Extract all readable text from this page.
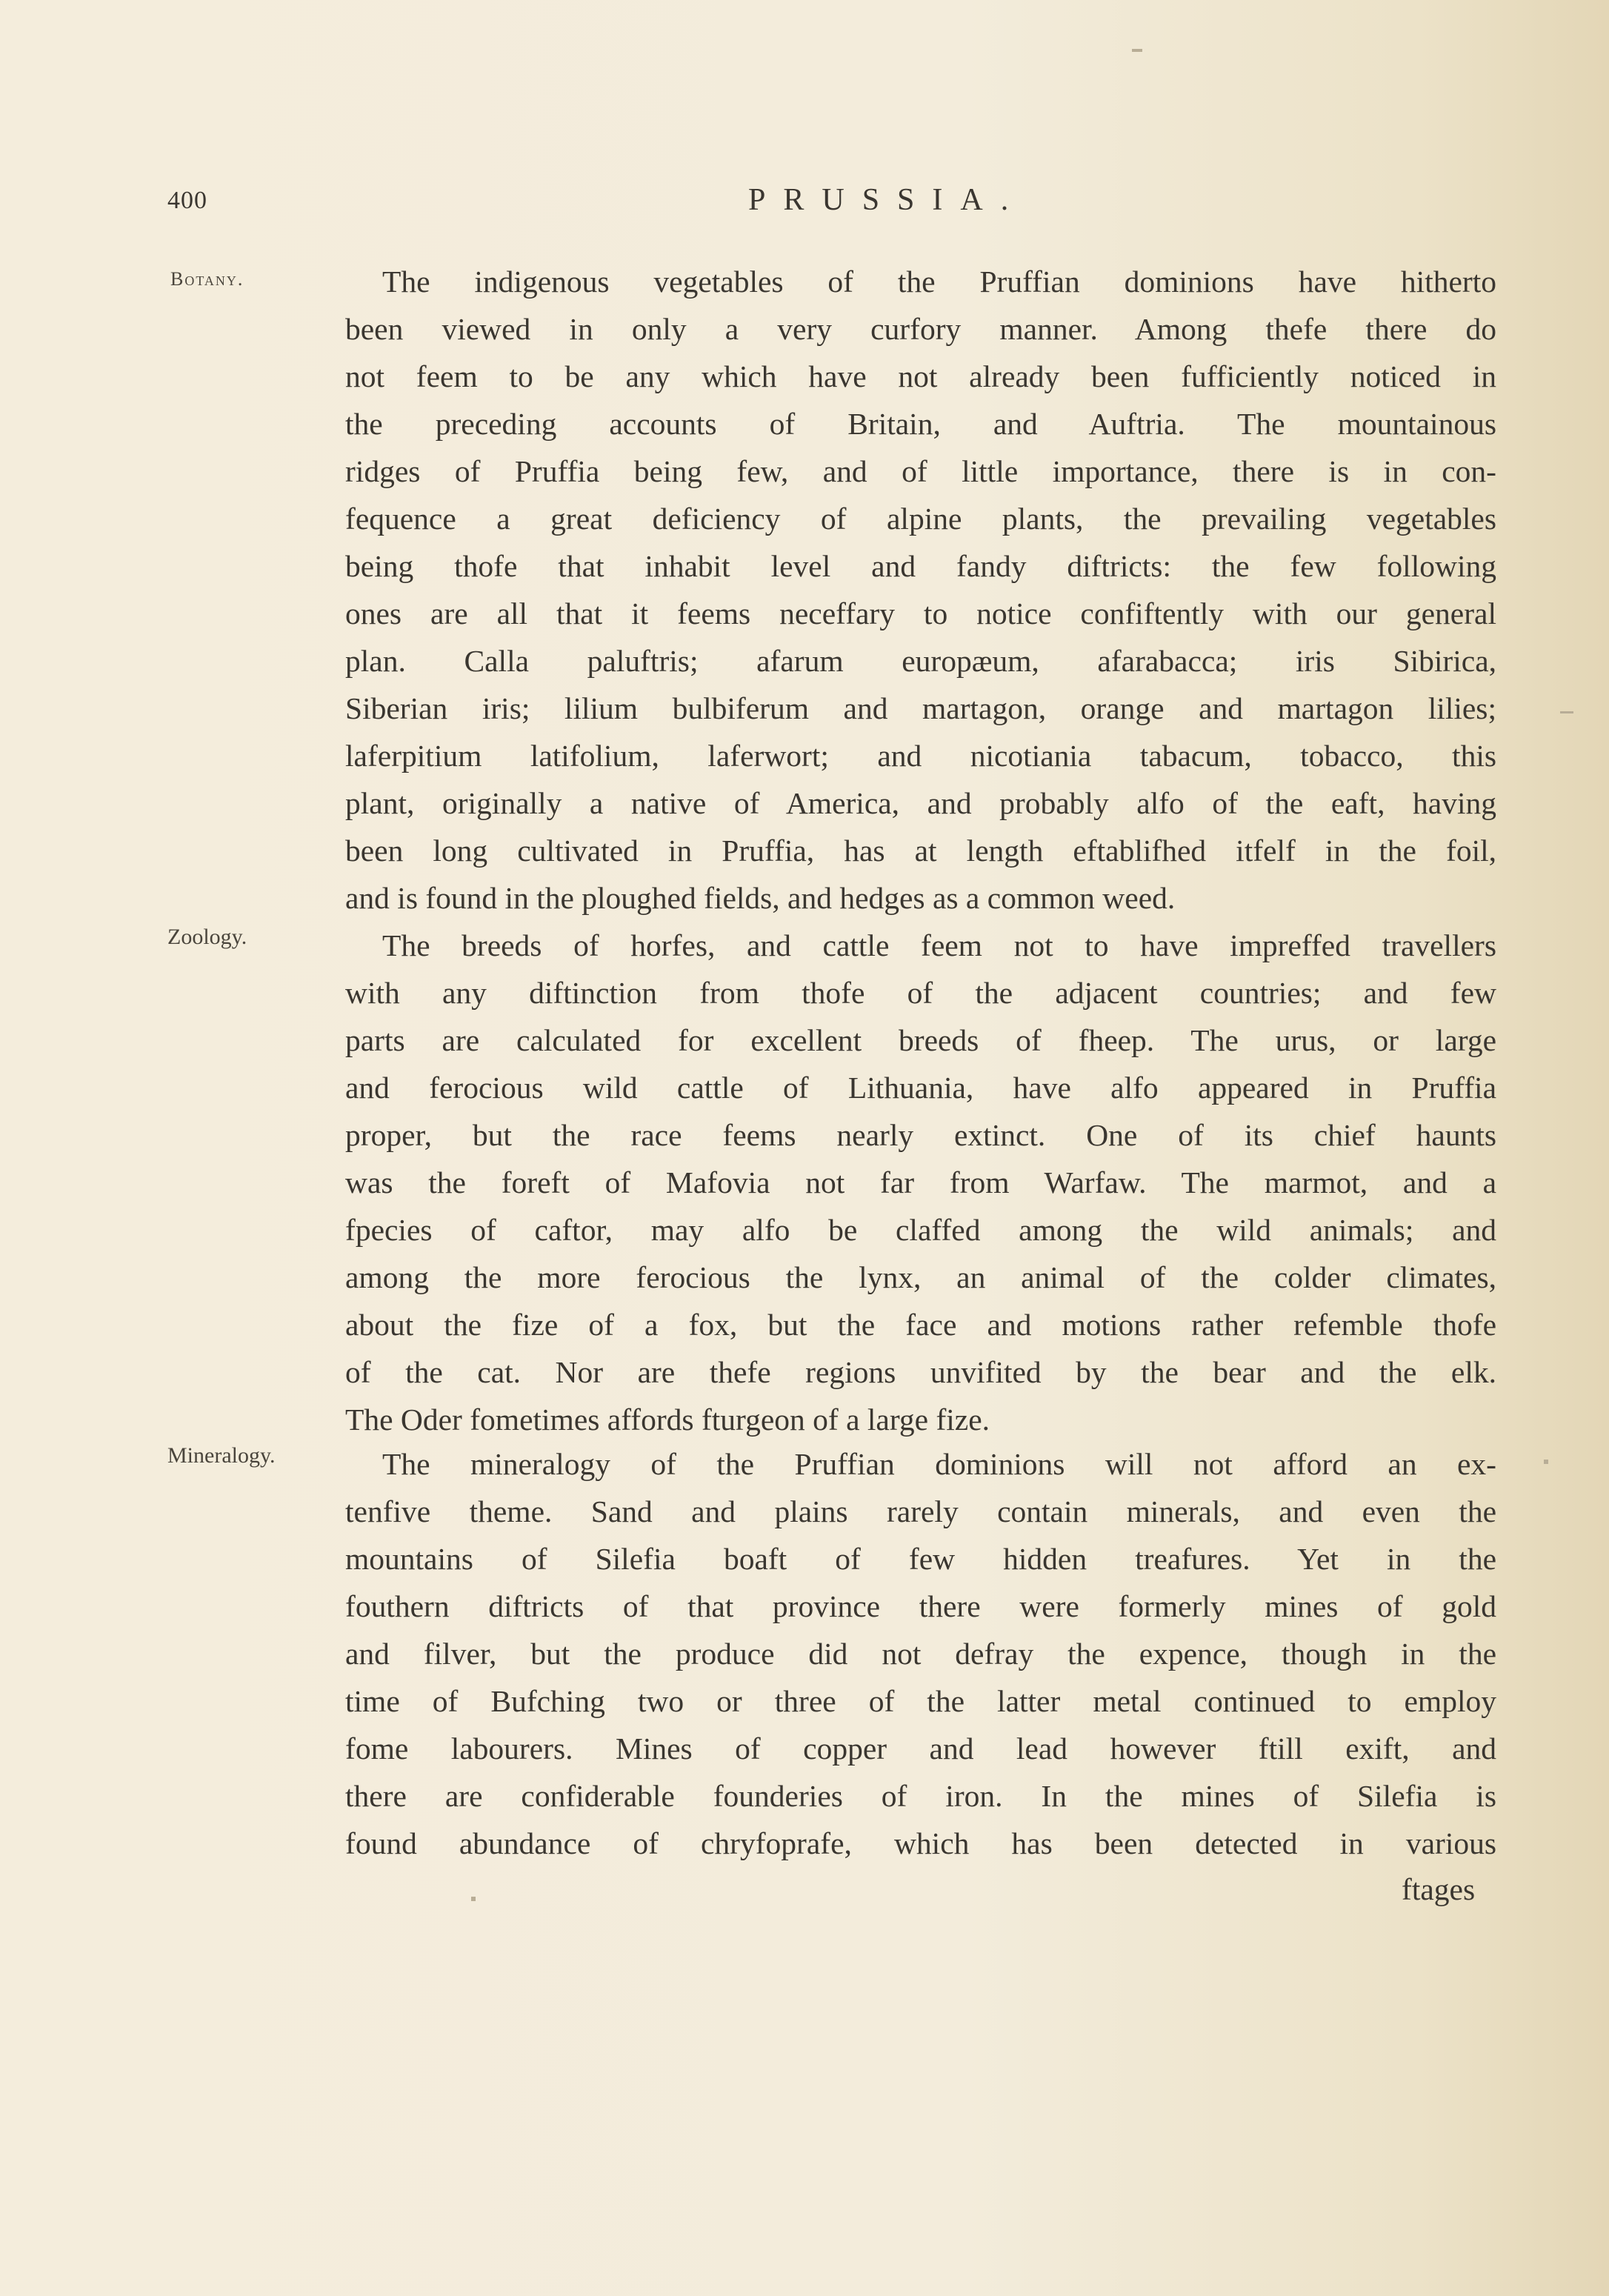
400	PRUSSIA.
Botany.
Zoology.
Mineralogy.

The indigenous vegetables of the Pruffian dominions have hitherto

been viewed in only a very curfory manner. Among thefe there do

not feem to be any which have not already been fufficiently noticed in

the preceding accounts of Britain, and Auftria. The mountainous

ridges of Pruffia being few, and of little importance, there is in con-

fequence a great deficiency of alpine plants, the prevailing vegetables

being thofe that inhabit level and fandy diftricts: the few following

ones are all that it feems neceffary to notice confiftently with our general

plan. Calla paluftris; afarum europæum, afarabacca; iris Sibirica,

Siberian iris; lilium bulbiferum and martagon, orange and martagon lilies;

laferpitium latifolium, laferwort; and nicotiania tabacum, tobacco, this

plant, originally a native of America, and probably alfo of the eaft, having

been long cultivated in Pruffia, has at length eftablifhed itfelf in the foil,

and is found in the ploughed fields, and hedges as a common weed.

The breeds of horfes, and cattle feem not to have impreffed travellers

with any diftinction from thofe of the adjacent countries; and few

parts are calculated for excellent breeds of fheep. The urus, or large

and ferocious wild cattle of Lithuania, have alfo appeared in Pruffia

proper, but the race feems nearly extinct. One of its chief haunts

was the foreft of Mafovia not far from Warfaw. The marmot, and a

fpecies of caftor, may alfo be claffed among the wild animals; and

among the more ferocious the lynx, an animal of the colder climates,

about the fize of a fox, but the face and motions rather refemble thofe

of the cat. Nor are thefe regions unvifited by the bear and the elk.

The Oder fometimes affords fturgeon of a large fize.

The mineralogy of the Pruffian dominions will not afford an ex-

tenfive theme. Sand and plains rarely contain minerals, and even the

mountains of Silefia boaft of few hidden treafures. Yet in the

fouthern diftricts of that province there were formerly mines of gold

and filver, but the produce did not defray the expence, though in the

time of Bufching two or three of the latter metal continued to employ

fome labourers. Mines of copper and lead however ftill exift, and

there are confiderable founderies of iron. In the mines of Silefia is

found abundance of chryfoprafe, which has been detected in various

ftages
